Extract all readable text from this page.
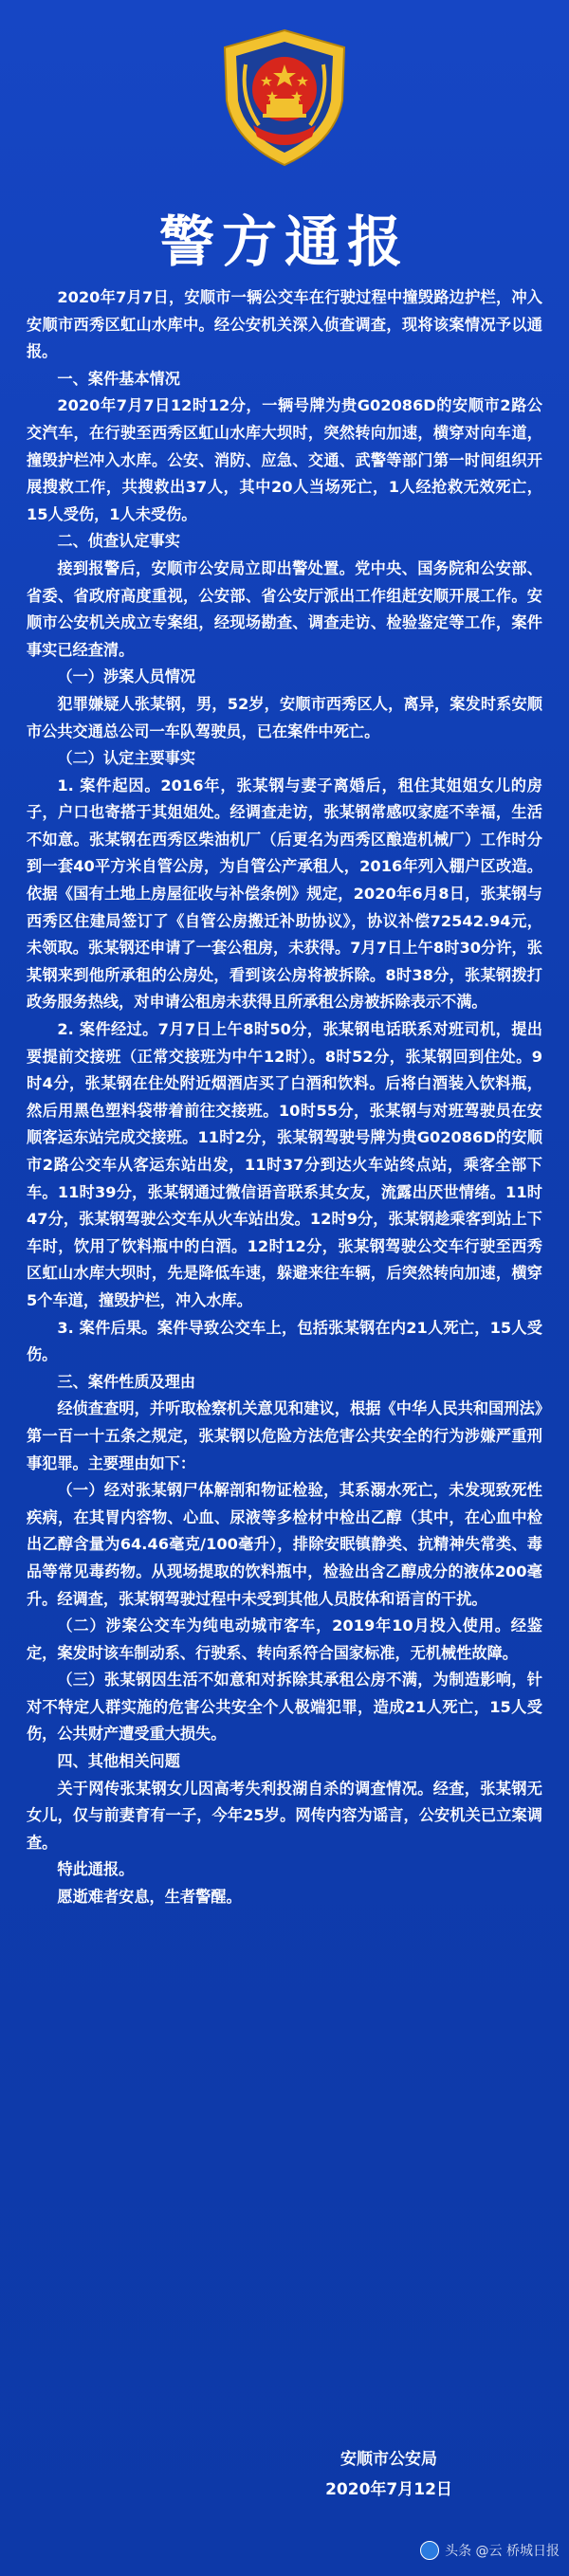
警方通报

2020年7月7日，安顺市一辆公交车在行驶过程中撞毁路边护栏，冲入安顺市西秀区虹山水库中。经公安机关深入侦查调查，现将该案情况予以通报。

一、案件基本情况

2020年7月7日12时12分，一辆号牌为贵G02086D的安顺市2路公交汽车，在行驶至西秀区虹山水库大坝时，突然转向加速，横穿对向车道，撞毁护栏冲入水库。公安、消防、应急、交通、武警等部门第一时间组织开展搜救工作，共搜救出37人，其中20人当场死亡，1人经抢救无效死亡，15人受伤，1人未受伤。

二、侦查认定事实

接到报警后，安顺市公安局立即出警处置。党中央、国务院和公安部、省委、省政府高度重视，公安部、省公安厅派出工作组赶安顺开展工作。安顺市公安机关成立专案组，经现场勘查、调查走访、检验鉴定等工作，案件事实已经查清。

（一）涉案人员情况

犯罪嫌疑人张某钢，男，52岁，安顺市西秀区人，离异，案发时系安顺市公共交通总公司一车队驾驶员，已在案件中死亡。

（二）认定主要事实

1. 案件起因。2016年，张某钢与妻子离婚后，租住其姐姐女儿的房子，户口也寄搭于其姐姐处。经调查走访，张某钢常感叹家庭不幸福，生活不如意。张某钢在西秀区柴油机厂（后更名为西秀区酿造机械厂）工作时分到一套40平方米自管公房，为自管公产承租人，2016年列入棚户区改造。依据《国有土地上房屋征收与补偿条例》规定，2020年6月8日，张某钢与西秀区住建局签订了《自管公房搬迁补助协议》，协议补偿72542.94元，未领取。张某钢还申请了一套公租房，未获得。7月7日上午8时30分许，张某钢来到他所承租的公房处，看到该公房将被拆除。8时38分，张某钢拨打政务服务热线，对申请公租房未获得且所承租公房被拆除表示不满。

2. 案件经过。7月7日上午8时50分，张某钢电话联系对班司机，提出要提前交接班（正常交接班为中午12时）。8时52分，张某钢回到住处。9时4分，张某钢在住处附近烟酒店买了白酒和饮料。后将白酒装入饮料瓶，然后用黑色塑料袋带着前往交接班。10时55分，张某钢与对班驾驶员在安顺客运东站完成交接班。11时2分，张某钢驾驶号牌为贵G02086D的安顺市2路公交车从客运东站出发，11时37分到达火车站终点站，乘客全部下车。11时39分，张某钢通过微信语音联系其女友，流露出厌世情绪。11时47分，张某钢驾驶公交车从火车站出发。12时9分，张某钢趁乘客到站上下车时，饮用了饮料瓶中的白酒。12时12分，张某钢驾驶公交车行驶至西秀区虹山水库大坝时，先是降低车速，躲避来往车辆，后突然转向加速，横穿5个车道，撞毁护栏，冲入水库。

3. 案件后果。案件导致公交车上，包括张某钢在内21人死亡，15人受伤。

三、案件性质及理由

经侦查查明，并听取检察机关意见和建议，根据《中华人民共和国刑法》第一百一十五条之规定，张某钢以危险方法危害公共安全的行为涉嫌严重刑事犯罪。主要理由如下：

（一）经对张某钢尸体解剖和物证检验，其系溺水死亡，未发现致死性疾病，在其胃内容物、心血、尿液等多检材中检出乙醇（其中，在心血中检出乙醇含量为64.46毫克/100毫升），排除安眠镇静类、抗精神失常类、毒品等常见毒药物。从现场提取的饮料瓶中，检验出含乙醇成分的液体200毫升。经调查，张某钢驾驶过程中未受到其他人员肢体和语言的干扰。

（二）涉案公交车为纯电动城市客车，2019年10月投入使用。经鉴定，案发时该车制动系、行驶系、转向系符合国家标准，无机械性故障。

（三）张某钢因生活不如意和对拆除其承租公房不满，为制造影响，针对不特定人群实施的危害公共安全个人极端犯罪，造成21人死亡，15人受伤，公共财产遭受重大损失。

四、其他相关问题

关于网传张某钢女儿因高考失利投湖自杀的调查情况。经查，张某钢无女儿，仅与前妻育有一子，今年25岁。网传内容为谣言，公安机关已立案调查。

特此通报。

愿逝难者安息，生者警醒。

安顺市公安局
2020年7月12日
头条 @云 桥城日报
